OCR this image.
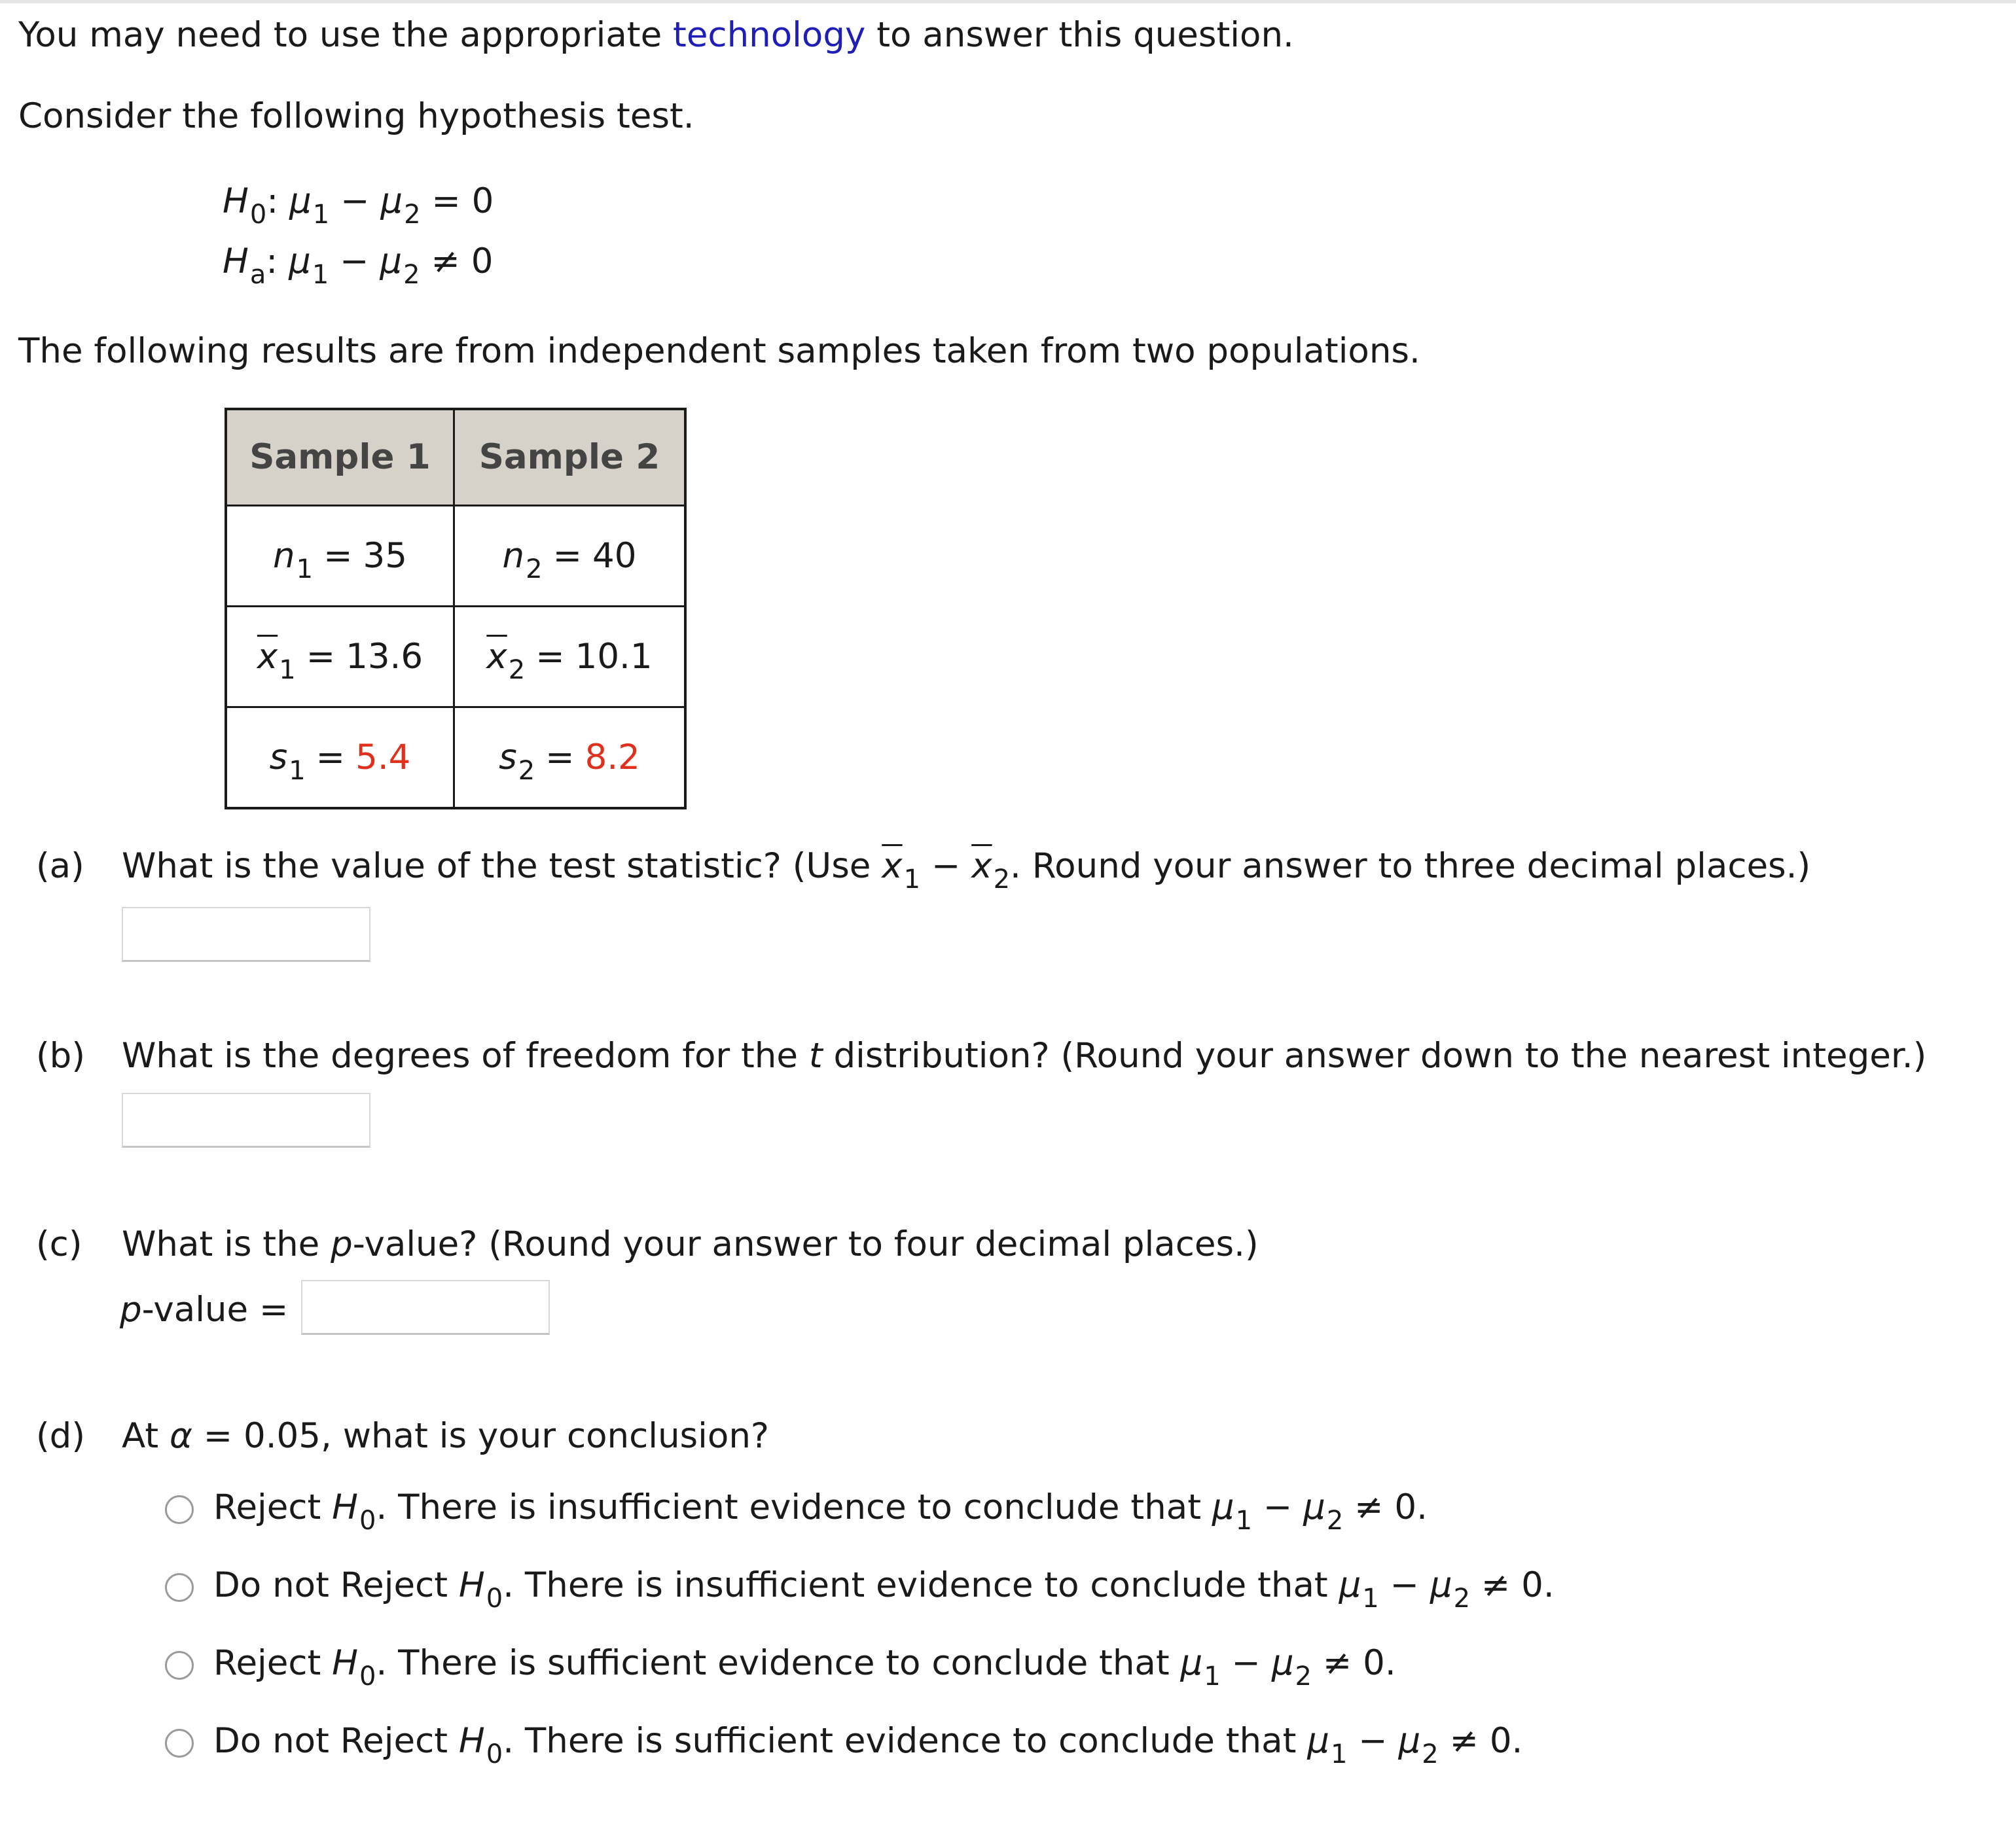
You may need to use the appropriate technology to answer this question.
Consider the following hypothesis test.
$H_0$: $\mu_1 - \mu_2 = 0$
$H_a$: $\mu_1 - \mu_2 \ne 0$
The following results are from independent samples taken from two populations.
Sample 1	Sample 2
$n_1 = 35$	$n_2 = 40$
$\overline{x}_1 = 13.6$	$\overline{x}_2 = 10.1$
$s_1 = 5.4$	$s_2 = 8.2$
(a) What is the value of the test statistic? (Use $\overline{x}_1 - \overline{x}_2$. Round your answer to three decimal places.)
(b) What is the degrees of freedom for the t distribution? (Round your answer down to the nearest integer.)
(c) What is the p-value? (Round your answer to four decimal places.)
p-value =
(d) At α = 0.05, what is your conclusion?
Reject $H_0$. There is insufficient evidence to conclude that $\mu_1 - \mu_2 \ne 0$.
Do not Reject $H_0$. There is insufficient evidence to conclude that $\mu_1 - \mu_2 \ne 0$.
Reject $H_0$. There is sufficient evidence to conclude that $\mu_1 - \mu_2 \ne 0$.
Do not Reject $H_0$. There is sufficient evidence to conclude that $\mu_1 - \mu_2 \ne 0$.
